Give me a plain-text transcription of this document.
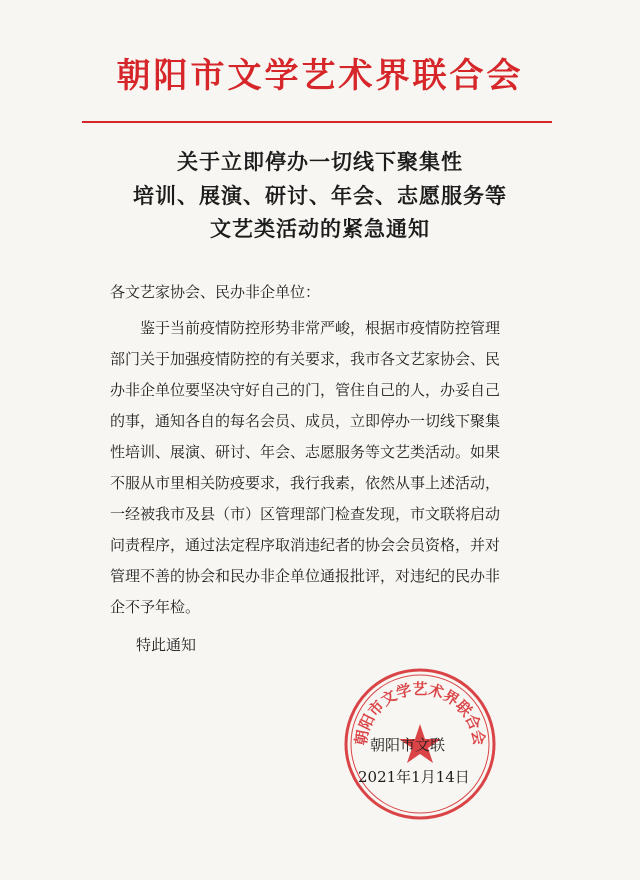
朝阳市文学艺术界联合会
关于立即停办一切线下聚集性
培训、展演、研讨、年会、志愿服务等
文艺类活动的紧急通知
各文艺家协会、民办非企单位：
鉴于当前疫情防控形势非常严峻，根据市疫情防控管理
部门关于加强疫情防控的有关要求，我市各文艺家协会、民
办非企单位要坚决守好自己的门，管住自己的人，办妥自己
的事，通知各自的每名会员、成员，立即停办一切线下聚集
性培训、展演、研讨、年会、志愿服务等文艺类活动。如果
不服从市里相关防疫要求，我行我素，依然从事上述活动，
一经被我市及县（市）区管理部门检查发现，市文联将启动
问责程序，通过法定程序取消违纪者的协会会员资格，并对
管理不善的协会和民办非企单位通报批评，对违纪的民办非
企不予年检。
特此通知
朝阳市文学艺术界联合会
朝阳市文联
2021年1月14日
